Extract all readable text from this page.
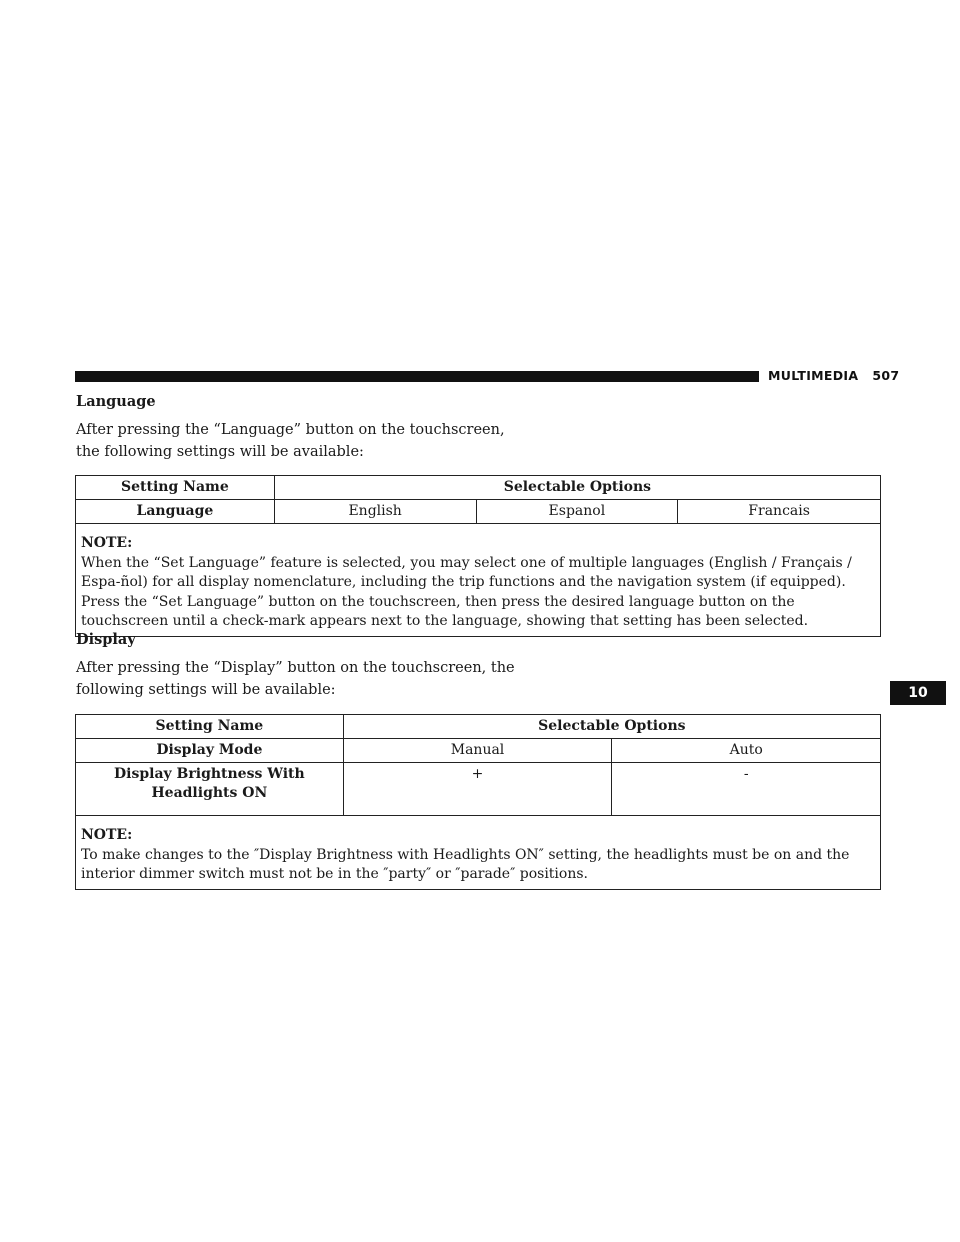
MULTIMEDIA 507
10

Language

After pressing the “Language” button on the touchscreen,
the following settings will be available:

Setting Name	Selectable Options		
Language	English	Espanol	Francais

NOTE:
When the “Set Language” feature is selected, you may select one of multiple languages (English / Français / Espa-ñol) for all display nomenclature, including the trip functions and the navigation system (if equipped). Press the “Set Language” button on the touchscreen, then press the desired language button on the touchscreen until a check-mark appears next to the language, showing that setting has been selected.			

Display

After pressing the “Display” button on the touchscreen, the
following settings will be available:

Setting Name	Selectable Options	
Display Mode	Manual	Auto
Display Brightness With Headlights ON	+	-

NOTE:
To make changes to the ″Display Brightness with Headlights ON″ setting, the headlights must be on and the interior dimmer switch must not be in the ″party″ or ″parade″ positions.		
